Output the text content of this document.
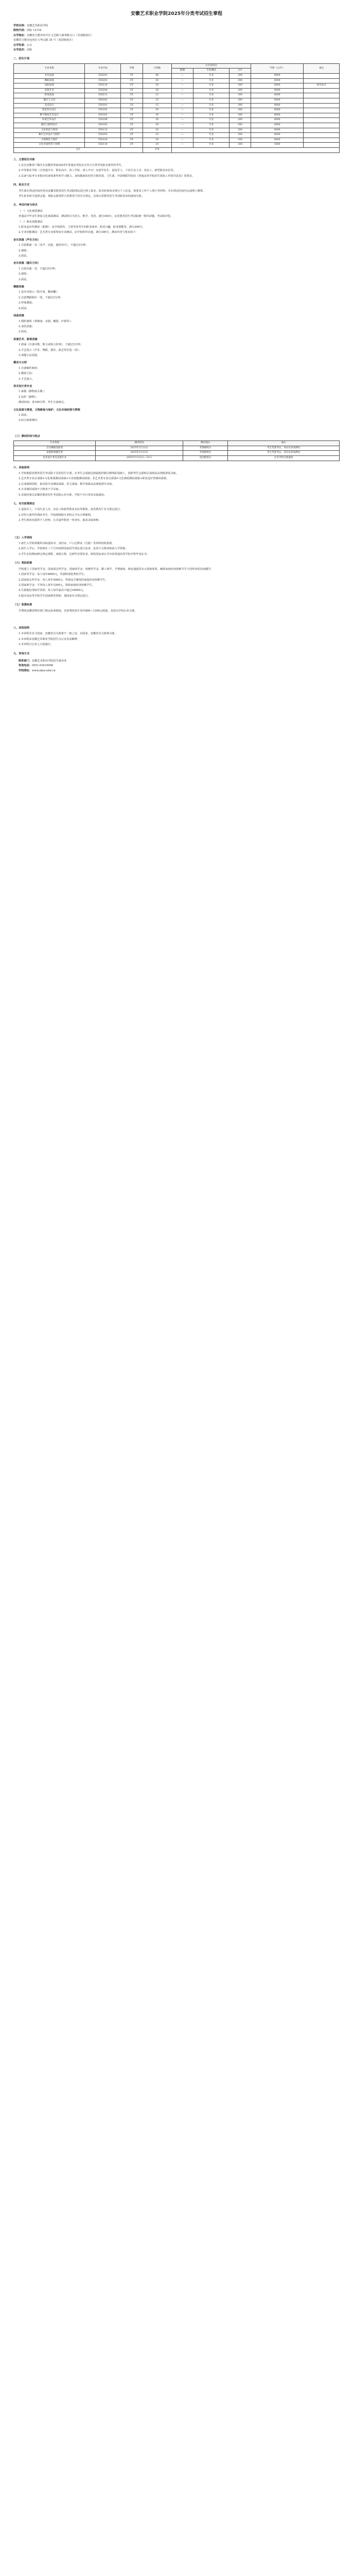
安徽艺术职业学院2025年分类考试招生章程
学校名称：安徽艺术职业学院
院校代码：国标 12116
办学地址：安徽省合肥市经开区文艺路与翡翠路交口（芙蓉路校区）
安徽省合肥市包河区九华山路 35 号（花园街校区）
办学性质：公办
办学层次：高职
二、招生计划
专业名称	专业代码	学制	计划数	分专业科目			学费（元/年）	备注
				职测	专业测试	合计		
音乐表演	550201	3年	40	—	专业	300	8000	
舞蹈表演	550202	3年	20	—	专业	300	8000	
戏曲表演	550210	5年	30	—	专业	300	8000	初中起点
表演艺术	550204	3年	20	—	专业	300	8000	
影视表演	550211	3年	15	—	专业	300	8000	
播音与主持	560202	3年	25	—	专业	300	8000	
美术设计	550101	3年	15	—	专业	300	8000	
视觉传达设计	550102	3年	30	—	专业	300	8000	
数字媒体艺术设计	550103	3年	30	—	专业	300	8000	
环境艺术设计	550106	3年	30	—	专业	300	8000	
服装与服饰设计	550105	3年	20	—	专业	300	8000	
文化创意与策划	550113	3年	20	—	专业	300	8000	
舞台艺术设计与制作	550203	3年	15	—	专业	300	8000	
文物修复与保护	550120	3年	20	—	专业	300	8000	
文化市场经营与管理	550114	3年	20	—	专业	300	5000	
合计			370					
三、主要招生对象

1.具有安徽省户籍并在安徽省参加2025年普通高考报名且符合分类考试报名条件的考生。

2.中等职业学校（含普通中专、职业高中、技工学校、成人中专）应届毕业生、退役军人、下岗失业人员、农民工、新型职业农民等。

3.具备与报考专业相应的身体条件和学习能力，身体健康状况符合教育部、卫生部、中国残联印发的《普通高等学校招生体检工作指导意见》的要求。

四、报名方式

考生须在规定时间内登录安徽省教育招生考试院网站进行网上报名，报名时须如实填写个人信息，按要求上传个人照片等材料，并在规定时间内完成网上缴费。

考生报名时可选择志愿，填报志愿须符合省教育厅的有关规定，具体以省教育招生考试院发布的通知为准。

五、考试内容与形式

（一）文化素质测试

普通高中毕业生参加文化素质测试，测试科目为语文、数学、英语，满分300分，由省教育招生考试院统一组织命题、考试和评卷。

（二）职业技能测试

1.职业适应性测试（职测）：由学校组织，主要考查考生的职业素养、职业兴趣、职业潜能等，满分200分。

2.专业技能测试：艺术类专业须参加专业测试，由学校组织实施，满分300分，测试内容与要求如下：

音乐表演（声乐方向）

1.自选歌曲一首（美声、民族、通俗均可），不超过3分钟；

2.视唱；

3.面试。

音乐表演（器乐方向）

1.自选乐曲一首，不超过5分钟；

2.视唱；

3.面试。

舞蹈表演

1.基本功展示（软开度、跳转翻）；

2.自选舞蹈剧目一段，不超过2分钟；

3.形体测量；

4.面试。

戏曲表演

1.唱腔演唱（黄梅戏、京剧、徽剧、庐剧等）；

2.身段表演；

3.面试。

表演艺术、影视表演

1.朗诵（自备诗歌、散文或寓言故事），不超过3分钟；

2.才艺展示（声乐、舞蹈、器乐、曲艺等任选一项）；

3.命题小品表演。

播音与主持

1.自备稿件朗读；

2.模拟主持；

3.才艺展示。

美术设计类专业

1.素描（静物或头像）；

2.色彩（静物）；

测试时间：各180分钟，考生自备画具。

文化创意与策划、文物修复与保护、文化市场经营与管理

1.面试；

2.综合素质测评。

（三）测试时间与地点
专业类别	测试时间	测试地点	备注
音乐舞蹈戏曲类	2025年3月22日	芙蓉路校区	考生凭准考证、身份证参加测试
表演影视播音类	2025年3月23日	芙蓉路校区	考生凭准考证、身份证参加测试
美术设计类及其他专业	2025年3月22日—23日	花园街校区	详见学校官网通知
六、录取原则

1.学校根据省教育招生考试院下达的招生计划，在考生总成绩达到最低控制分数线的基础上，按照考生志愿和总成绩从高到低择优录取。

2.艺术类专业总成绩=文化素质测试成绩+专业技能测试成绩；非艺术类专业总成绩=文化素质测试成绩+职业适应性测试成绩。

3.总成绩相同时，依次按专业测试成绩、语文成绩、数学成绩从高到低排序录取。

4.专业测试成绩不合格者不予录取。

5.录取结果以安徽省教育招生考试院公布为准，学校不另行寄发录取通知。

七、有关政策规定

1.退役军人、下岗失业人员、农民工和新型职业农民等群体，按省教育厅有关规定执行。

2.对符合条件的残疾考生，学校将根据专业特点予以合理便利。

3.考生须如实提供个人材料，凡弄虚作假者一经查实，取消录取资格。

（五）入学须知

1.新生入学时须携带录取通知书、身份证、户口迁移证（自愿）等材料按时报到。

2.新生入学后，学校将在三个月内按照国家招生规定进行复查，复查不合格者取消入学资格。

3.学生在校期间修完规定课程，成绩合格，达到毕业要求者，颁发国家承认学历的普通高等学校专科毕业证书。

（六）资助政策

学校建立了国家奖学金、国家励志奖学金、国家助学金、校级奖学金、勤工助学、学费减免、绿色通道等多元资助体系，确保家庭经济困难学生不因经济原因而辍学。

1.国家奖学金：每人每年8000元，奖励特别优秀的学生。

2.国家励志奖学金：每人每年5000元，奖励品学兼优的家庭经济困难学生。

3.国家助学金：平均每人每年3300元，资助家庭经济困难学生。

4.生源地信用助学贷款：每人每年最高不超过16000元。

5.服兵役高等学校学生国家教育资助：按国家有关规定执行。

（七）收费标准

学费按安徽省物价部门核定标准收取，住宿费按每生每年800—1200元收取，具体以学校公布为准。

八、其他说明

1.本章程若有与国家、安徽省有关政策不一致之处，以国家、安徽省有关政策为准。

2.本章程由安徽艺术职业学院招生办公室负责解释。

3.本章程自公布之日起施行。

九、咨询方式
联系部门：安徽艺术职业学院招生就业处
咨询电话：0551-63419090
学校网址：www.ahyz.edu.cn
